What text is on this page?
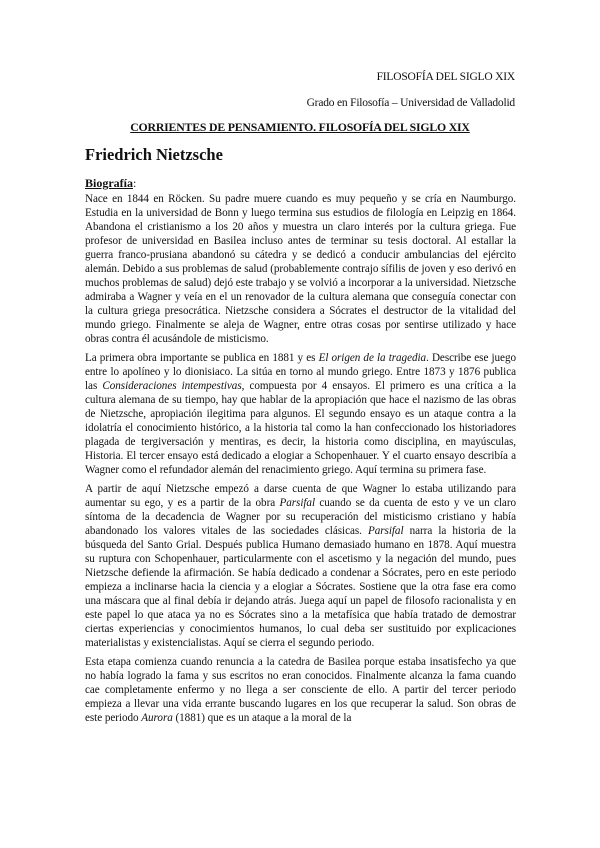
FILOSOFÍA DEL SIGLO XIX
Grado en Filosofía – Universidad de Valladolid
CORRIENTES DE PENSAMIENTO. FILOSOFÍA DEL SIGLO XIX
Friedrich Nietzsche
Biografía:

Nace en 1844 en Röcken. Su padre muere cuando es muy pequeño y se cría en Naumburgo. Estudia en la universidad de Bonn y luego termina sus estudios de filología en Leipzig en 1864. Abandona el cristianismo a los 20 años y muestra un claro interés por la cultura griega. Fue profesor de universidad en Basilea incluso antes de terminar su tesis doctoral. Al estallar la guerra franco-prusiana abandonó su cátedra y se dedicó a conducir ambulancias del ejército alemán. Debido a sus problemas de salud (probablemente contrajo sífilis de joven y eso derivó en muchos problemas de salud) dejó este trabajo y se volvió a incorporar a la universidad. Nietzsche admiraba a Wagner y veía en el un renovador de la cultura alemana que conseguía conectar con la cultura griega presocrática. Nietzsche considera a Sócrates el destructor de la vitalidad del mundo griego. Finalmente se aleja de Wagner, entre otras cosas por sentirse utilizado y hace obras contra él acusándole de misticismo.

La primera obra importante se publica en 1881 y es El origen de la tragedia. Describe ese juego entre lo apolíneo y lo dionisiaco. La sitúa en torno al mundo griego. Entre 1873 y 1876 publica las Consideraciones intempestivas, compuesta por 4 ensayos. El primero es una crítica a la cultura alemana de su tiempo, hay que hablar de la apropiación que hace el nazismo de las obras de Nietzsche, apropiación ilegitima para algunos. El segundo ensayo es un ataque contra a la idolatría el conocimiento histórico, a la historia tal como la han confeccionado los historiadores plagada de tergiversación y mentiras, es decir, la historia como disciplina, en mayúsculas, Historia. El tercer ensayo está dedicado a elogiar a Schopenhauer. Y el cuarto ensayo describía a Wagner como el refundador alemán del renacimiento griego. Aquí termina su primera fase.

A partir de aquí Nietzsche empezó a darse cuenta de que Wagner lo estaba utilizando para aumentar su ego, y es a partir de la obra Parsifal cuando se da cuenta de esto y ve un claro síntoma de la decadencia de Wagner por su recuperación del misticismo cristiano y había abandonado los valores vitales de las sociedades clásicas. Parsifal narra la historia de la búsqueda del Santo Grial. Después publica Humano demasiado humano en 1878. Aquí muestra su ruptura con Schopenhauer, particularmente con el ascetismo y la negación del mundo, pues Nietzsche defiende la afirmación. Se había dedicado a condenar a Sócrates, pero en este periodo empieza a inclinarse hacia la ciencia y a elogiar a Sócrates. Sostiene que la otra fase era como una máscara que al final debía ir dejando atrás. Juega aquí un papel de filosofo racionalista y en este papel lo que ataca ya no es Sócrates sino a la metafísica que había tratado de demostrar ciertas experiencias y conocimientos humanos, lo cual deba ser sustituido por explicaciones materialistas y existencialistas. Aquí se cierra el segundo periodo.

Esta etapa comienza cuando renuncia a la catedra de Basilea porque estaba insatisfecho ya que no había logrado la fama y sus escritos no eran conocidos. Finalmente alcanza la fama cuando cae completamente enfermo y no llega a ser consciente de ello. A partir del tercer periodo empieza a llevar una vida errante buscando lugares en los que recuperar la salud. Son obras de este periodo Aurora (1881) que es un ataque a la moral de la
